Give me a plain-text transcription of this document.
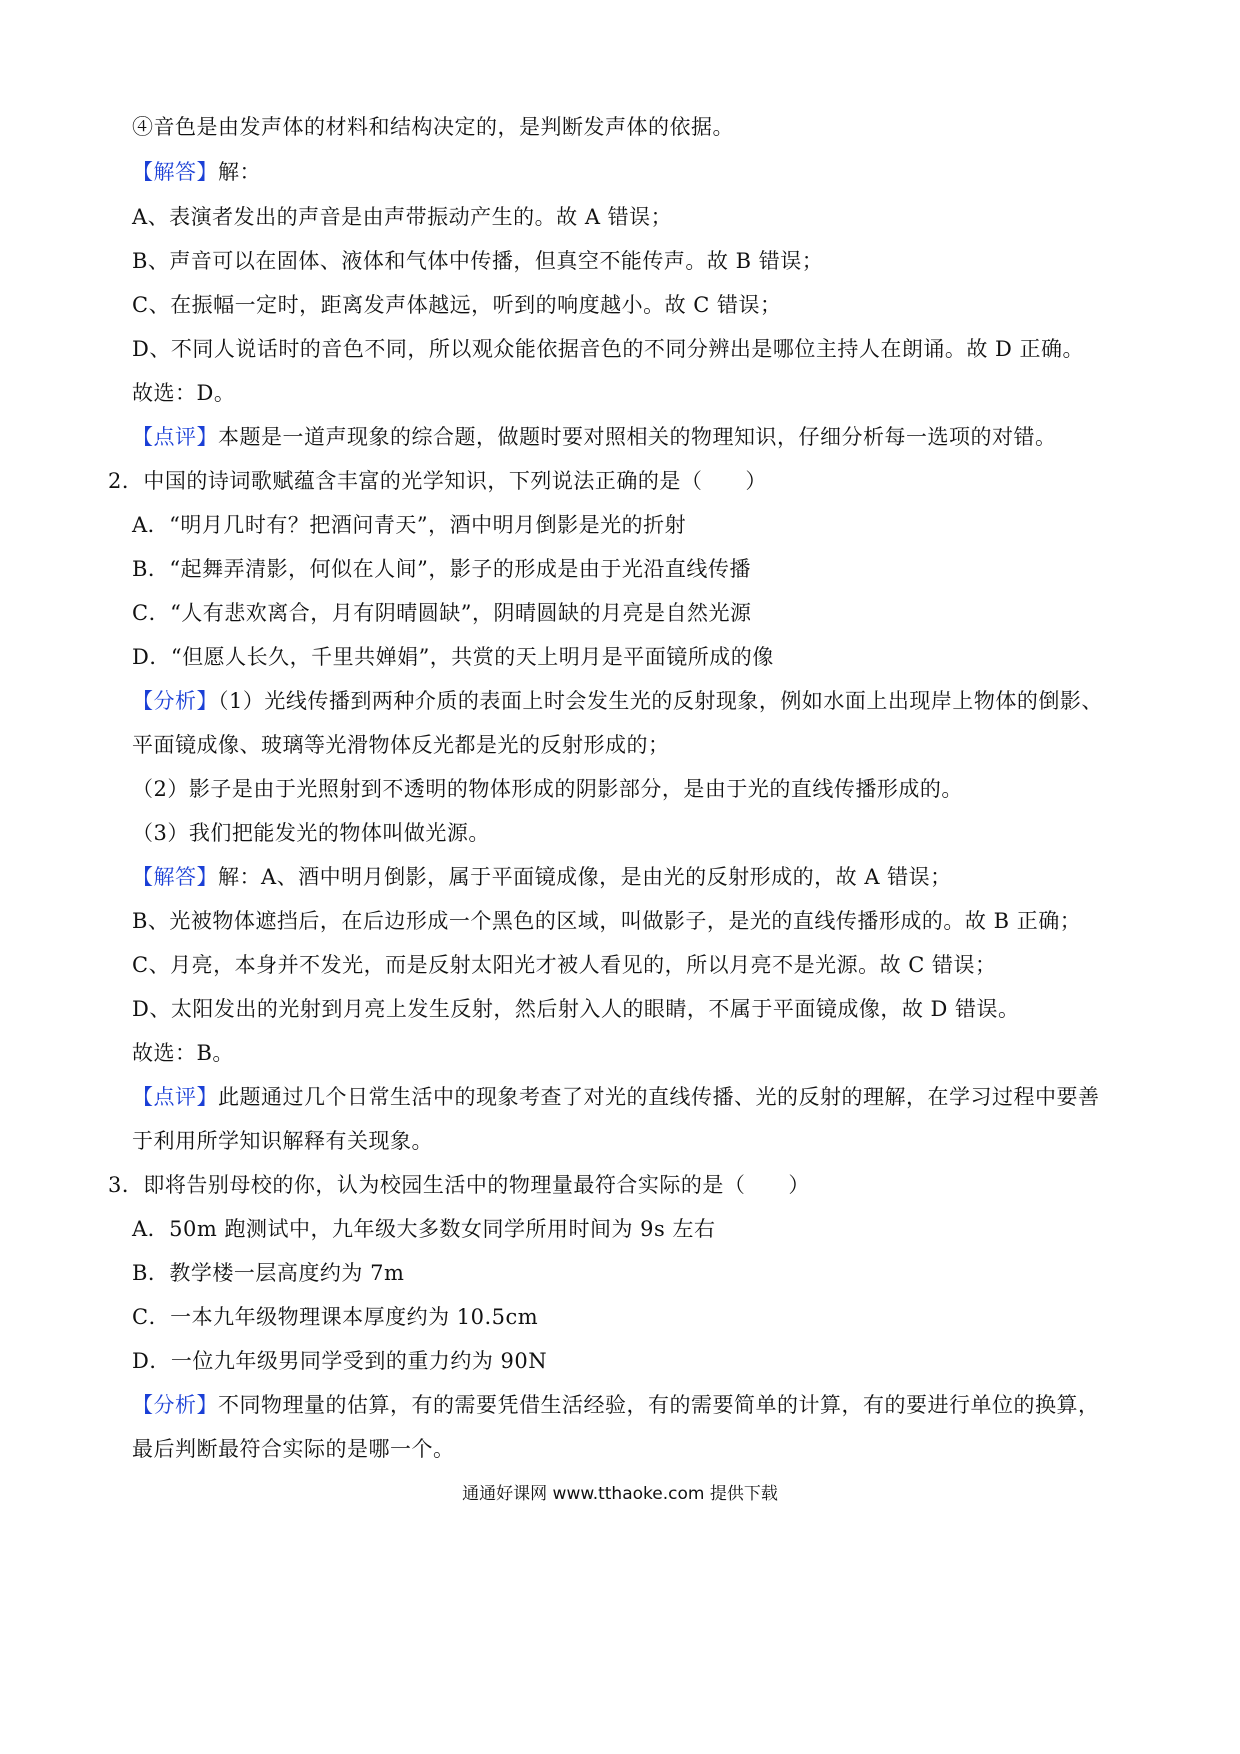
④音色是由发声体的材料和结构决定的，是判断发声体的依据。
【解答】解：
A、表演者发出的声音是由声带振动产生的。故 A 错误；
B、声音可以在固体、液体和气体中传播，但真空不能传声。故 B 错误；
C、在振幅一定时，距离发声体越远，听到的响度越小。故 C 错误；
D、不同人说话时的音色不同，所以观众能依据音色的不同分辨出是哪位主持人在朗诵。故 D 正确。
故选：D。
【点评】本题是一道声现象的综合题，做题时要对照相关的物理知识，仔细分析每一选项的对错。
2．中国的诗词歌赋蕴含丰富的光学知识，下列说法正确的是（　　）
A．“明月几时有？把酒问青天”，酒中明月倒影是光的折射
B．“起舞弄清影，何似在人间”，影子的形成是由于光沿直线传播
C．“人有悲欢离合，月有阴晴圆缺”，阴晴圆缺的月亮是自然光源
D．“但愿人长久，千里共婵娟”，共赏的天上明月是平面镜所成的像
【分析】（1）光线传播到两种介质的表面上时会发生光的反射现象，例如水面上出现岸上物体的倒影、
平面镜成像、玻璃等光滑物体反光都是光的反射形成的；
（2）影子是由于光照射到不透明的物体形成的阴影部分，是由于光的直线传播形成的。
（3）我们把能发光的物体叫做光源。
【解答】解：A、酒中明月倒影，属于平面镜成像，是由光的反射形成的，故 A 错误；
B、光被物体遮挡后，在后边形成一个黑色的区域，叫做影子，是光的直线传播形成的。故 B 正确；
C、月亮，本身并不发光，而是反射太阳光才被人看见的，所以月亮不是光源。故 C 错误；
D、太阳发出的光射到月亮上发生反射，然后射入人的眼睛，不属于平面镜成像，故 D 错误。
故选：B。
【点评】此题通过几个日常生活中的现象考查了对光的直线传播、光的反射的理解，在学习过程中要善
于利用所学知识解释有关现象。
3．即将告别母校的你，认为校园生活中的物理量最符合实际的是（　　）
A．50m 跑测试中，九年级大多数女同学所用时间为 9s 左右
B．教学楼一层高度约为 7m
C．一本九年级物理课本厚度约为 10.5cm
D．一位九年级男同学受到的重力约为 90N
【分析】不同物理量的估算，有的需要凭借生活经验，有的需要简单的计算，有的要进行单位的换算，
最后判断最符合实际的是哪一个。
通通好课网 www.tthaoke.com 提供下载
